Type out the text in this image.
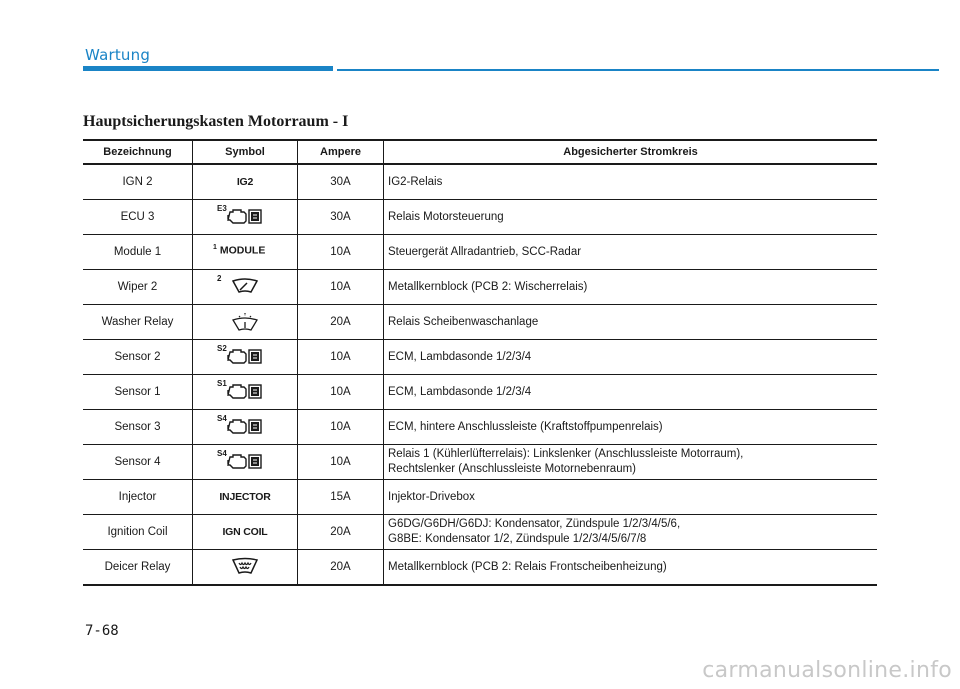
Wartung
Hauptsicherungskasten Motorraum - I
Bezeichnung	Symbol	Ampere	Abgesicherter Stromkreis
IGN 2	IG2	30A	IG2-Relais
ECU 3	E3	30A	Relais Motorsteuerung
Module 1	$^1$ MODULE	10A	Steuergerät Allradantrieb, SCC-Radar
Wiper 2	2	10A	Metallkernblock (PCB 2: Wischerrelais)
Washer Relay		20A	Relais Scheibenwaschanlage
Sensor 2	S2	10A	ECM, Lambdasonde 1/2/3/4
Sensor 1	S1	10A	ECM, Lambdasonde 1/2/3/4
Sensor 3	S4	10A	ECM, hintere Anschlussleiste (Kraftstoffpumpenrelais)
Sensor 4	S4	10A	Relais 1 (Kühlerlüfterrelais): Linkslenker (Anschlussleiste Motorraum),
Rechtslenker (Anschlussleiste Motornebenraum)
Injector	INJECTOR	15A	Injektor-Drivebox
Ignition Coil	IGN COIL	20A	G6DG/G6DH/G6DJ: Kondensator, Zündspule 1/2/3/4/5/6,
G8BE: Kondensator 1/2, Zündspule 1/2/3/4/5/6/7/8
Deicer Relay		20A	Metallkernblock (PCB 2: Relais Frontscheibenheizung)
7-68
carmanualsonline.info
